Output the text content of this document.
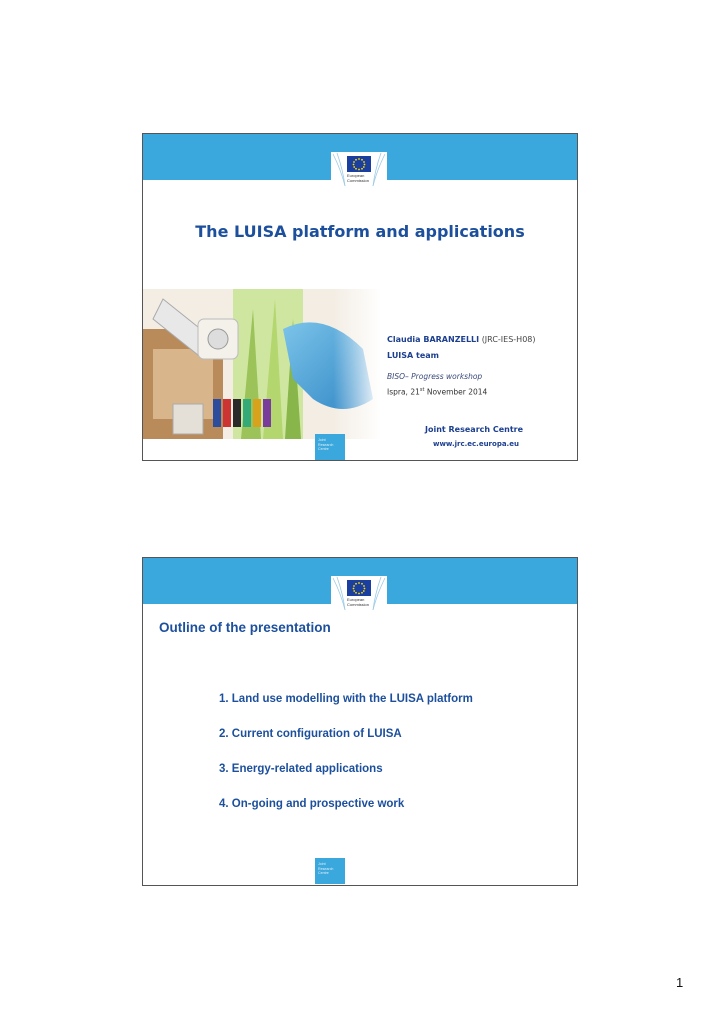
European
Commission
The LUISA platform and applications
Claudia BARANZELLI (JRC-IES-H08)
LUISA team
BISO– Progress workshop
Ispra, 21st November 2014
Joint Research Centre
www.jrc.ec.europa.eu
Joint
Research
Centre
European
Commission
Outline of the presentation
1. Land use modelling with the LUISA platform
2. Current configuration of LUISA
3. Energy-related applications
4. On-going and prospective work
Joint
Research
Centre
1
